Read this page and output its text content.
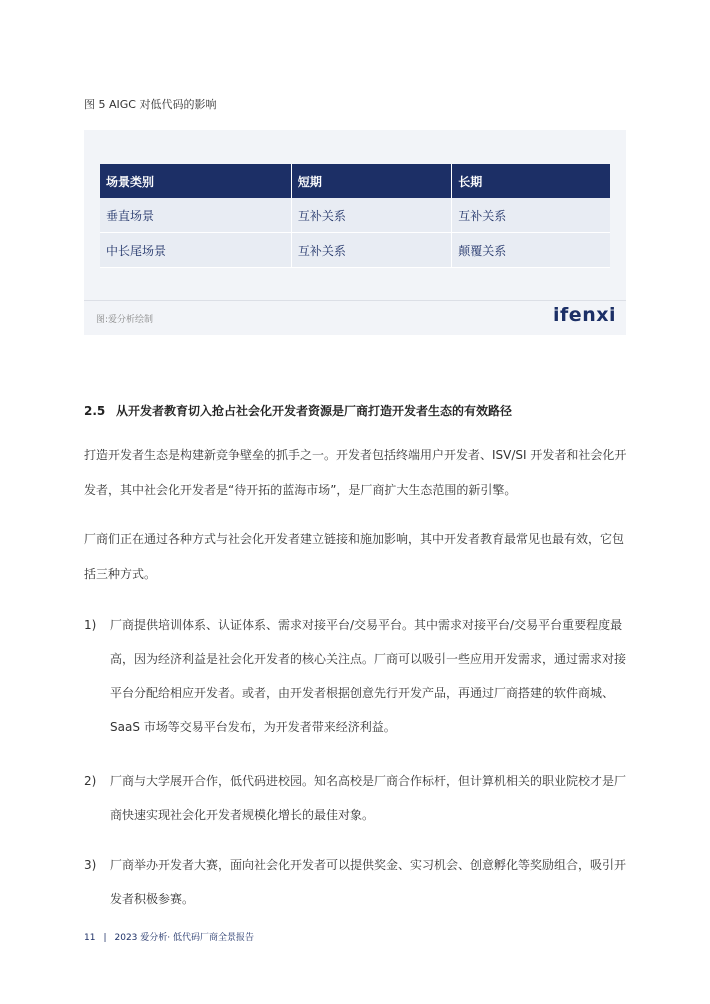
图 5 AIGC 对低代码的影响
场景类别	短期	长期
垂直场景	互补关系	互补关系
中长尾场景	互补关系	颠覆关系
图:爱分析绘制	ifenxi
2.5 从开发者教育切入抢占社会化开发者资源是厂商打造开发者生态的有效路径

打造开发者生态是构建新竞争壁垒的抓手之一。开发者包括终端用户开发者、ISV/SI 开发者和社会化开发者，其中社会化开发者是“待开拓的蓝海市场”，是厂商扩大生态范围的新引擎。

厂商们正在通过各种方式与社会化开发者建立链接和施加影响，其中开发者教育最常见也最有效，它包括三种方式。

1)	厂商提供培训体系、认证体系、需求对接平台/交易平台。其中需求对接平台/交易平台重要程度最高，因为经济利益是社会化开发者的核心关注点。厂商可以吸引一些应用开发需求，通过需求对接平台分配给相应开发者。或者，由开发者根据创意先行开发产品，再通过厂商搭建的软件商城、SaaS 市场等交易平台发布，为开发者带来经济利益。
2)	厂商与大学展开合作，低代码进校园。知名高校是厂商合作标杆，但计算机相关的职业院校才是厂商快速实现社会化开发者规模化增长的最佳对象。
3)	厂商举办开发者大赛，面向社会化开发者可以提供奖金、实习机会、创意孵化等奖励组合，吸引开发者积极参赛。
11 | 2023 爱分析· 低代码厂商全景报告
